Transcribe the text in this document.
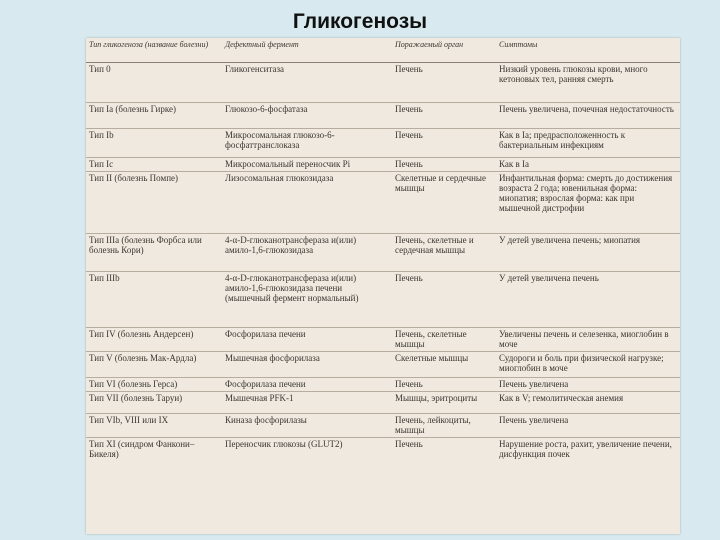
Гликогенозы
Тип гликогеноза (название болезни)	Дефектный фермент	Поражаемый орган	Симптомы
Тип 0	Гликогенситаза	Печень	Низкий уровень глюкозы крови, много кетоновых тел, ранняя смерть
Тип Ia (болезнь Гирке)	Глюкозо-6-фосфатаза	Печень	Печень увеличена, почечная недостаточность
Тип Ib	Микросомальная глюкозо-6-фосфаттранслоказа	Печень	Как в Ia; предрасположенность к бактериальным инфекциям
Тип Ic	Микросомальный переносчик Pi	Печень	Как в Ia
Тип II (болезнь Помпе)	Лизосомальная глюкозидаза	Скелетные и сердечные мышцы	Инфантильная форма: смерть до достижения возраста 2 года; ювенильная форма: миопатия; взрослая форма: как при мышечной дистрофии
Тип IIIa (болезнь Форбса или болезнь Кори)	4-α-D-глюканотрансфераза и(или) амило-1,6-глюкозидаза	Печень, скелетные и сердечная мышцы	У детей увеличена печень; миопатия
Тип IIIb	4-α-D-глюканотрансфераза и(или) амило-1,6-глюкозидаза печени (мышечный фермент нормальный)	Печень	У детей увеличена печень
Тип IV (болезнь Андерсен)	Фосфорилаза печени	Печень, скелетные мышцы	Увеличены печень и селезенка, миоглобин в моче
Тип V (болезнь Мак-Ардла)	Мышечная фосфорилаза	Скелетные мышцы	Судороги и боль при физической нагрузке; миоглобин в моче
Тип VI (болезнь Герса)	Фосфорилаза печени	Печень	Печень увеличена
Тип VII (болезнь Таруи)	Мышечная PFK-1	Мышцы, эритроциты	Как в V; гемолитическая анемия
Тип VIb, VIII или IX	Киназа фосфорилазы	Печень, лейкоциты, мышцы	Печень увеличена
Тип XI (синдром Фанкони–Бикеля)	Переносчик глюкозы (GLUT2)	Печень	Нарушение роста, рахит, увеличение печени, дисфункция почек
